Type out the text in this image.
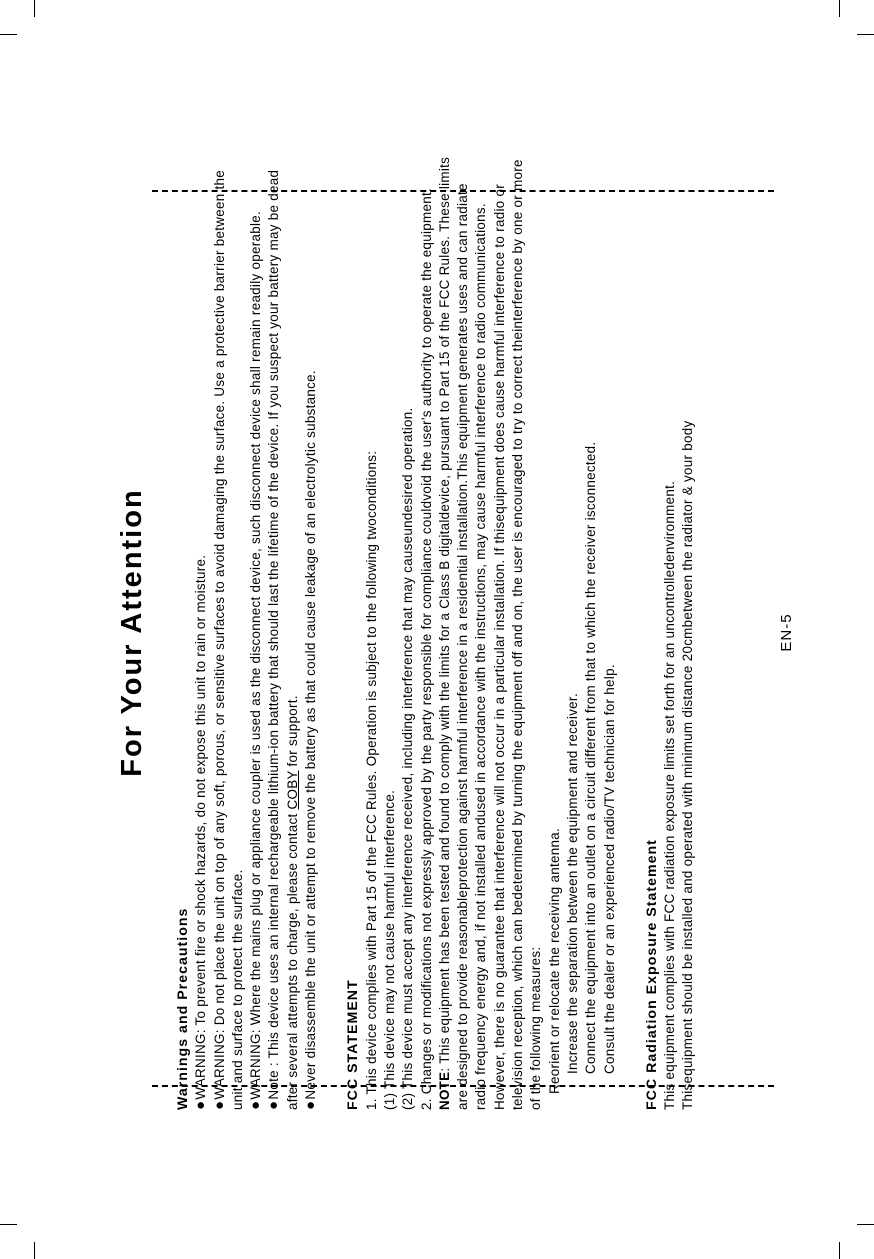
For Your Attention

Warnings and Precautions ● WARNING: To prevent fire or shock hazards, do not expose this unit to rain or moisture. ● WARNING: Do not place the unit on top of any soft, porous, or sensitive surfaces to avoid damaging the surface. Use a protective barrier between the unit and surface to protect the surface. ● WARNING: Where the mains plug or appliance coupler is used as the disconnect device, such disconnect device shall remain readily operable. ● Note : This device uses an internal rechargeable lithium-ion battery that should last the lifetime of the device. If you suspect your battery may be dead after several attempts to charge, please contact COBY for support. ● Never disassemble the unit or attempt to remove the battery as that could cause leakage of an electrolytic substance. FCC STATEMENT 1. This device complies with Part 15 of the FCC Rules. Operation is subject to the following twoconditions: (1) This device may not cause harmful interference. (2) This device must accept any interference received, including interference that may causeundesired operation. 2. Changes or modifications not expressly approved by the party responsible for compliance couldvoid the user's authority to operate the equipment. NOTE: This equipment has been tested and found to comply with the limits for a Class B digitaldevice, pursuant to Part 15 of the FCC Rules. These limits are designed to provide reasonableprotection against harmful interference in a residential installation.This equipment generates uses and can radiate radio frequency energy and, if not installed andused in accordance with the instructions, may cause harmful interference to radio communications. However, there is no guarantee that interference will not occur in a particular installation. If thisequipment does cause harmful interference to radio or television reception, which can bedetermined by turning the equipment off and on, the user is encouraged to try to correct theinterference by one or more of the following measures: Reorient or relocate the receiving antenna. Increase the separation between the equipment and receiver. Connect the equipment into an outlet on a circuit different from that to which the receiver isconnected. Consult the dealer or an experienced radio/TV technician for help. FCC Radiation Exposure Statement This equipment complies with FCC radiation exposure limits set forth for an uncontrolledenvironment. Thisequipment should be installed and operated with minimum distance 20cmbetween the radiator & your body	EN-5
